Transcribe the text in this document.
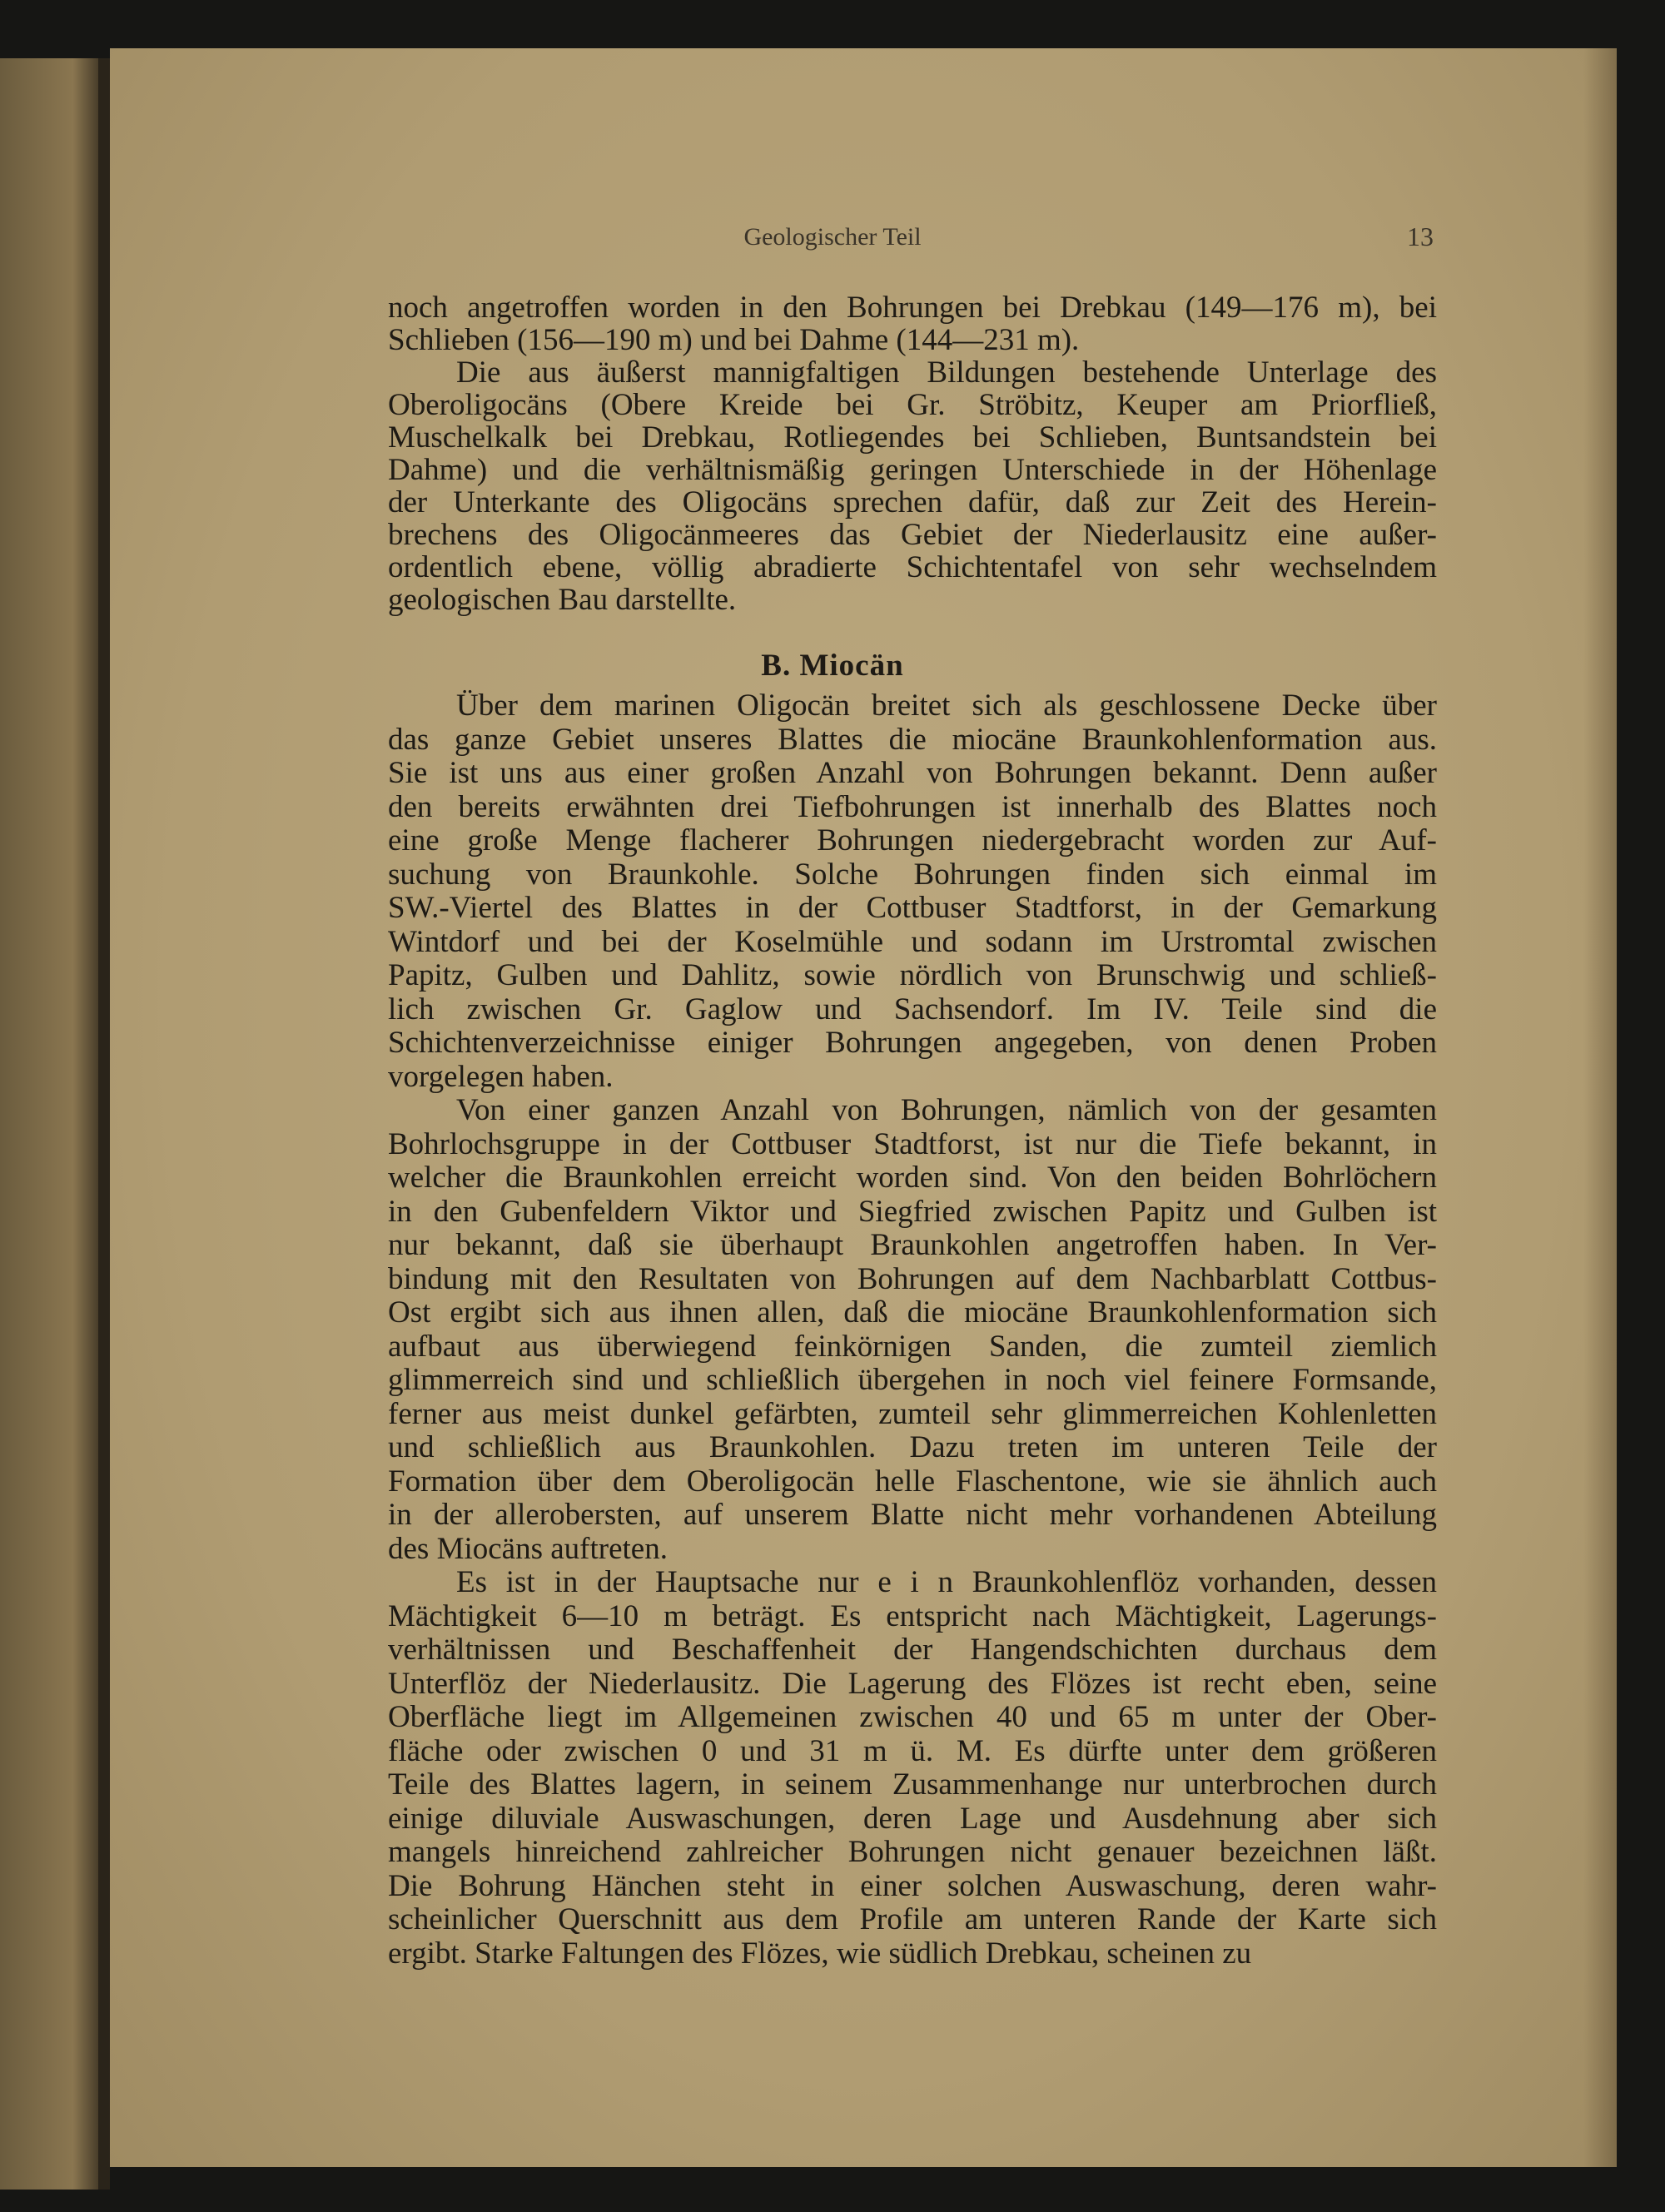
Geologischer Teil	13
noch angetroffen worden in den Bohrungen bei Drebkau (149—176 m), bei
Schlieben (156—190 m) und bei Dahme (144—231 m).
Die aus äußerst mannigfaltigen Bildungen bestehende Unterlage des
Oberoligocäns (Obere Kreide bei Gr. Ströbitz, Keuper am Priorfließ,
Muschelkalk bei Drebkau, Rotliegendes bei Schlieben, Buntsandstein bei
Dahme) und die verhältnismäßig geringen Unterschiede in der Höhenlage
der Unterkante des Oligocäns sprechen dafür, daß zur Zeit des Herein-
brechens des Oligocänmeeres das Gebiet der Niederlausitz eine außer-
ordentlich ebene, völlig abradierte Schichtentafel von sehr wechselndem
geologischen Bau darstellte.
B. Miocän
Über dem marinen Oligocän breitet sich als geschlossene Decke über
das ganze Gebiet unseres Blattes die miocäne Braunkohlenformation aus.
Sie ist uns aus einer großen Anzahl von Bohrungen bekannt. Denn außer
den bereits erwähnten drei Tiefbohrungen ist innerhalb des Blattes noch
eine große Menge flacherer Bohrungen niedergebracht worden zur Auf-
suchung von Braunkohle. Solche Bohrungen finden sich einmal im
SW.-Viertel des Blattes in der Cottbuser Stadtforst, in der Gemarkung
Wintdorf und bei der Koselmühle und sodann im Urstromtal zwischen
Papitz, Gulben und Dahlitz, sowie nördlich von Brunschwig und schließ-
lich zwischen Gr. Gaglow und Sachsendorf. Im IV. Teile sind die
Schichtenverzeichnisse einiger Bohrungen angegeben, von denen Proben
vorgelegen haben.
Von einer ganzen Anzahl von Bohrungen, nämlich von der gesamten
Bohrlochsgruppe in der Cottbuser Stadtforst, ist nur die Tiefe bekannt, in
welcher die Braunkohlen erreicht worden sind. Von den beiden Bohrlöchern
in den Gubenfeldern Viktor und Siegfried zwischen Papitz und Gulben ist
nur bekannt, daß sie überhaupt Braunkohlen angetroffen haben. In Ver-
bindung mit den Resultaten von Bohrungen auf dem Nachbarblatt Cottbus-
Ost ergibt sich aus ihnen allen, daß die miocäne Braunkohlenformation sich
aufbaut aus überwiegend feinkörnigen Sanden, die zumteil ziemlich
glimmerreich sind und schließlich übergehen in noch viel feinere Formsande,
ferner aus meist dunkel gefärbten, zumteil sehr glimmerreichen Kohlenletten
und schließlich aus Braunkohlen. Dazu treten im unteren Teile der
Formation über dem Oberoligocän helle Flaschentone, wie sie ähnlich auch
in der alleroberstеn, auf unserem Blatte nicht mehr vorhandenen Abteilung
des Miocäns auftreten.
Es ist in der Hauptsache nur e i n Braunkohlenflöz vorhanden, dessen
Mächtigkeit 6—10 m beträgt. Es entspricht nach Mächtigkeit, Lagerungs-
verhältnissen und Beschaffenheit der Hangendschichten durchaus dem
Unterflöz der Niederlausitz. Die Lagerung des Flözes ist recht eben, seine
Oberfläche liegt im Allgemeinen zwischen 40 und 65 m unter der Ober-
fläche oder zwischen 0 und 31 m ü. M. Es dürfte unter dem größeren
Teile des Blattes lagern, in seinem Zusammenhange nur unterbrochen durch
einige diluviale Auswaschungen, deren Lage und Ausdehnung aber sich
mangels hinreichend zahlreicher Bohrungen nicht genauer bezeichnen läßt.
Die Bohrung Hänchen steht in einer solchen Auswaschung, deren wahr-
scheinlicher Querschnitt aus dem Profile am unteren Rande der Karte sich
ergibt. Starke Faltungen des Flözes, wie südlich Drebkau, scheinen zu
